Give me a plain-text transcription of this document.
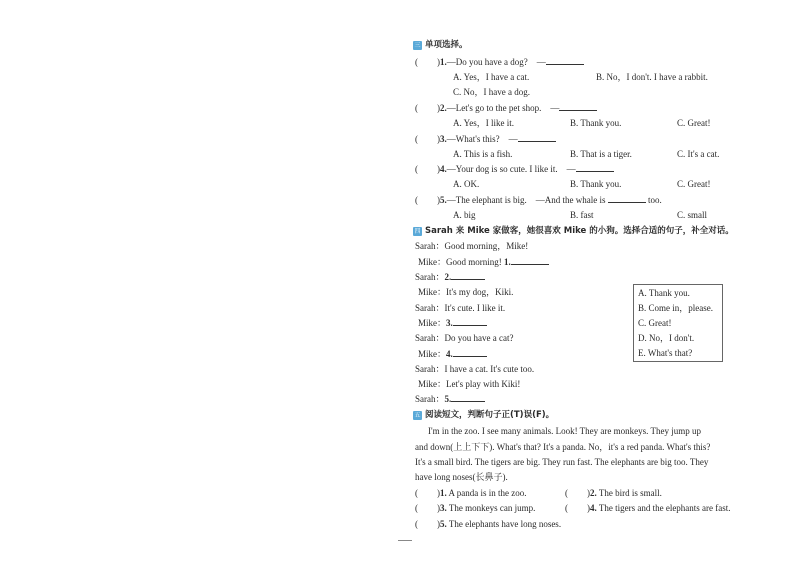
三 单项选择。
( )1.—Do you have a dog?　—
A. Yes，I have a cat.	B. No，I don't. I have a rabbit.
C. No，I have a dog.
( )2.—Let's go to the pet shop.　—
A. Yes，I like it.	B. Thank you.	C. Great!
( )3.—What's this?　—
A. This is a fish.	B. That is a tiger.	C. It's a cat.
( )4.—Your dog is so cute. I like it.　—
A. OK.	B. Thank you.	C. Great!
( )5.—The elephant is big.　—And the whale is	too.
A. big	B. fast	C. small
四 Sarah 来 Mike 家做客，她很喜欢 Mike 的小狗。选择合适的句子，补全对话。
Sarah：Good morning，Mike!
Mike：Good morning! 1.
Sarah：2.
Mike：It's my dog，Kiki.
Sarah：It's cute. I like it.
Mike：3.
Sarah：Do you have a cat?
Mike：4.
Sarah：I have a cat. It's cute too.
Mike：Let's play with Kiki!
Sarah：5.
A. Thank you.
B. Come in，please.
C. Great!
D. No，I don't.
E. What's that?
五 阅读短文，判断句子正(T)误(F)。
I'm in the zoo. I see many animals. Look! They are monkeys. They jump up
and down(上上下下). What's that? It's a panda. No，it's a red panda. What's this?
It's a small bird. The tigers are big. They run fast. The elephants are big too. They
have long noses(长鼻子).
( )1. A panda is in the zoo.	( )2. The bird is small.
( )3. The monkeys can jump.	( )4. The tigers and the elephants are fast.
( )5. The elephants have long noses.
